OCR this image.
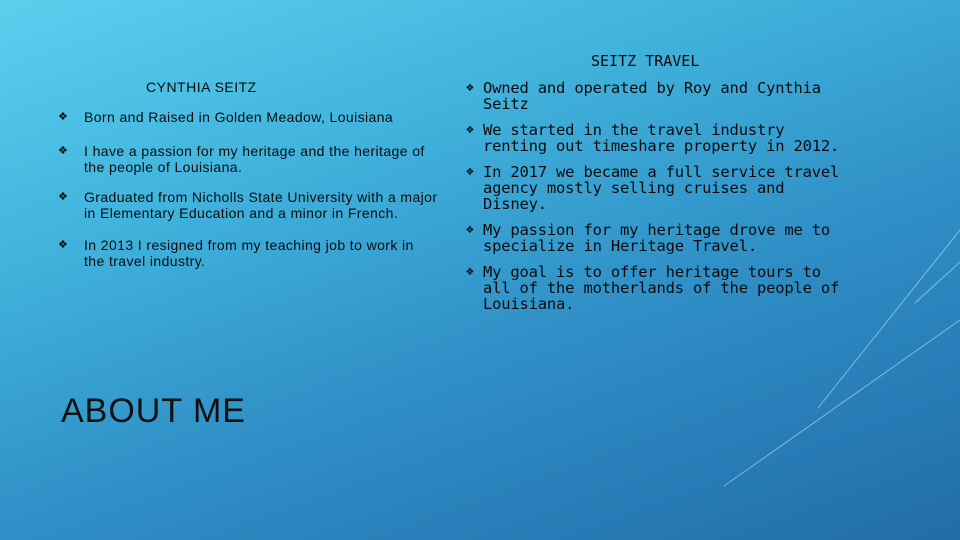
CYNTHIA SEITZ
❖ Born and Raised in Golden Meadow, Louisiana
❖ I have a passion for my heritage and the heritage of the people of Louisiana.
❖ Graduated from Nicholls State University with a major in Elementary Education and a minor in French.
❖ In 2013 I resigned from my teaching job to work in the travel industry.
ABOUT ME
SEITZ TRAVEL
❖ Owned and operated by Roy and Cynthia Seitz
❖ We started in the travel industry renting out timeshare property in 2012.
❖ In 2017 we became a full service travel agency mostly selling cruises and Disney.
❖ My passion for my heritage drove me to specialize in Heritage Travel.
❖ My goal is to offer heritage tours to all of the motherlands of the people of Louisiana.
